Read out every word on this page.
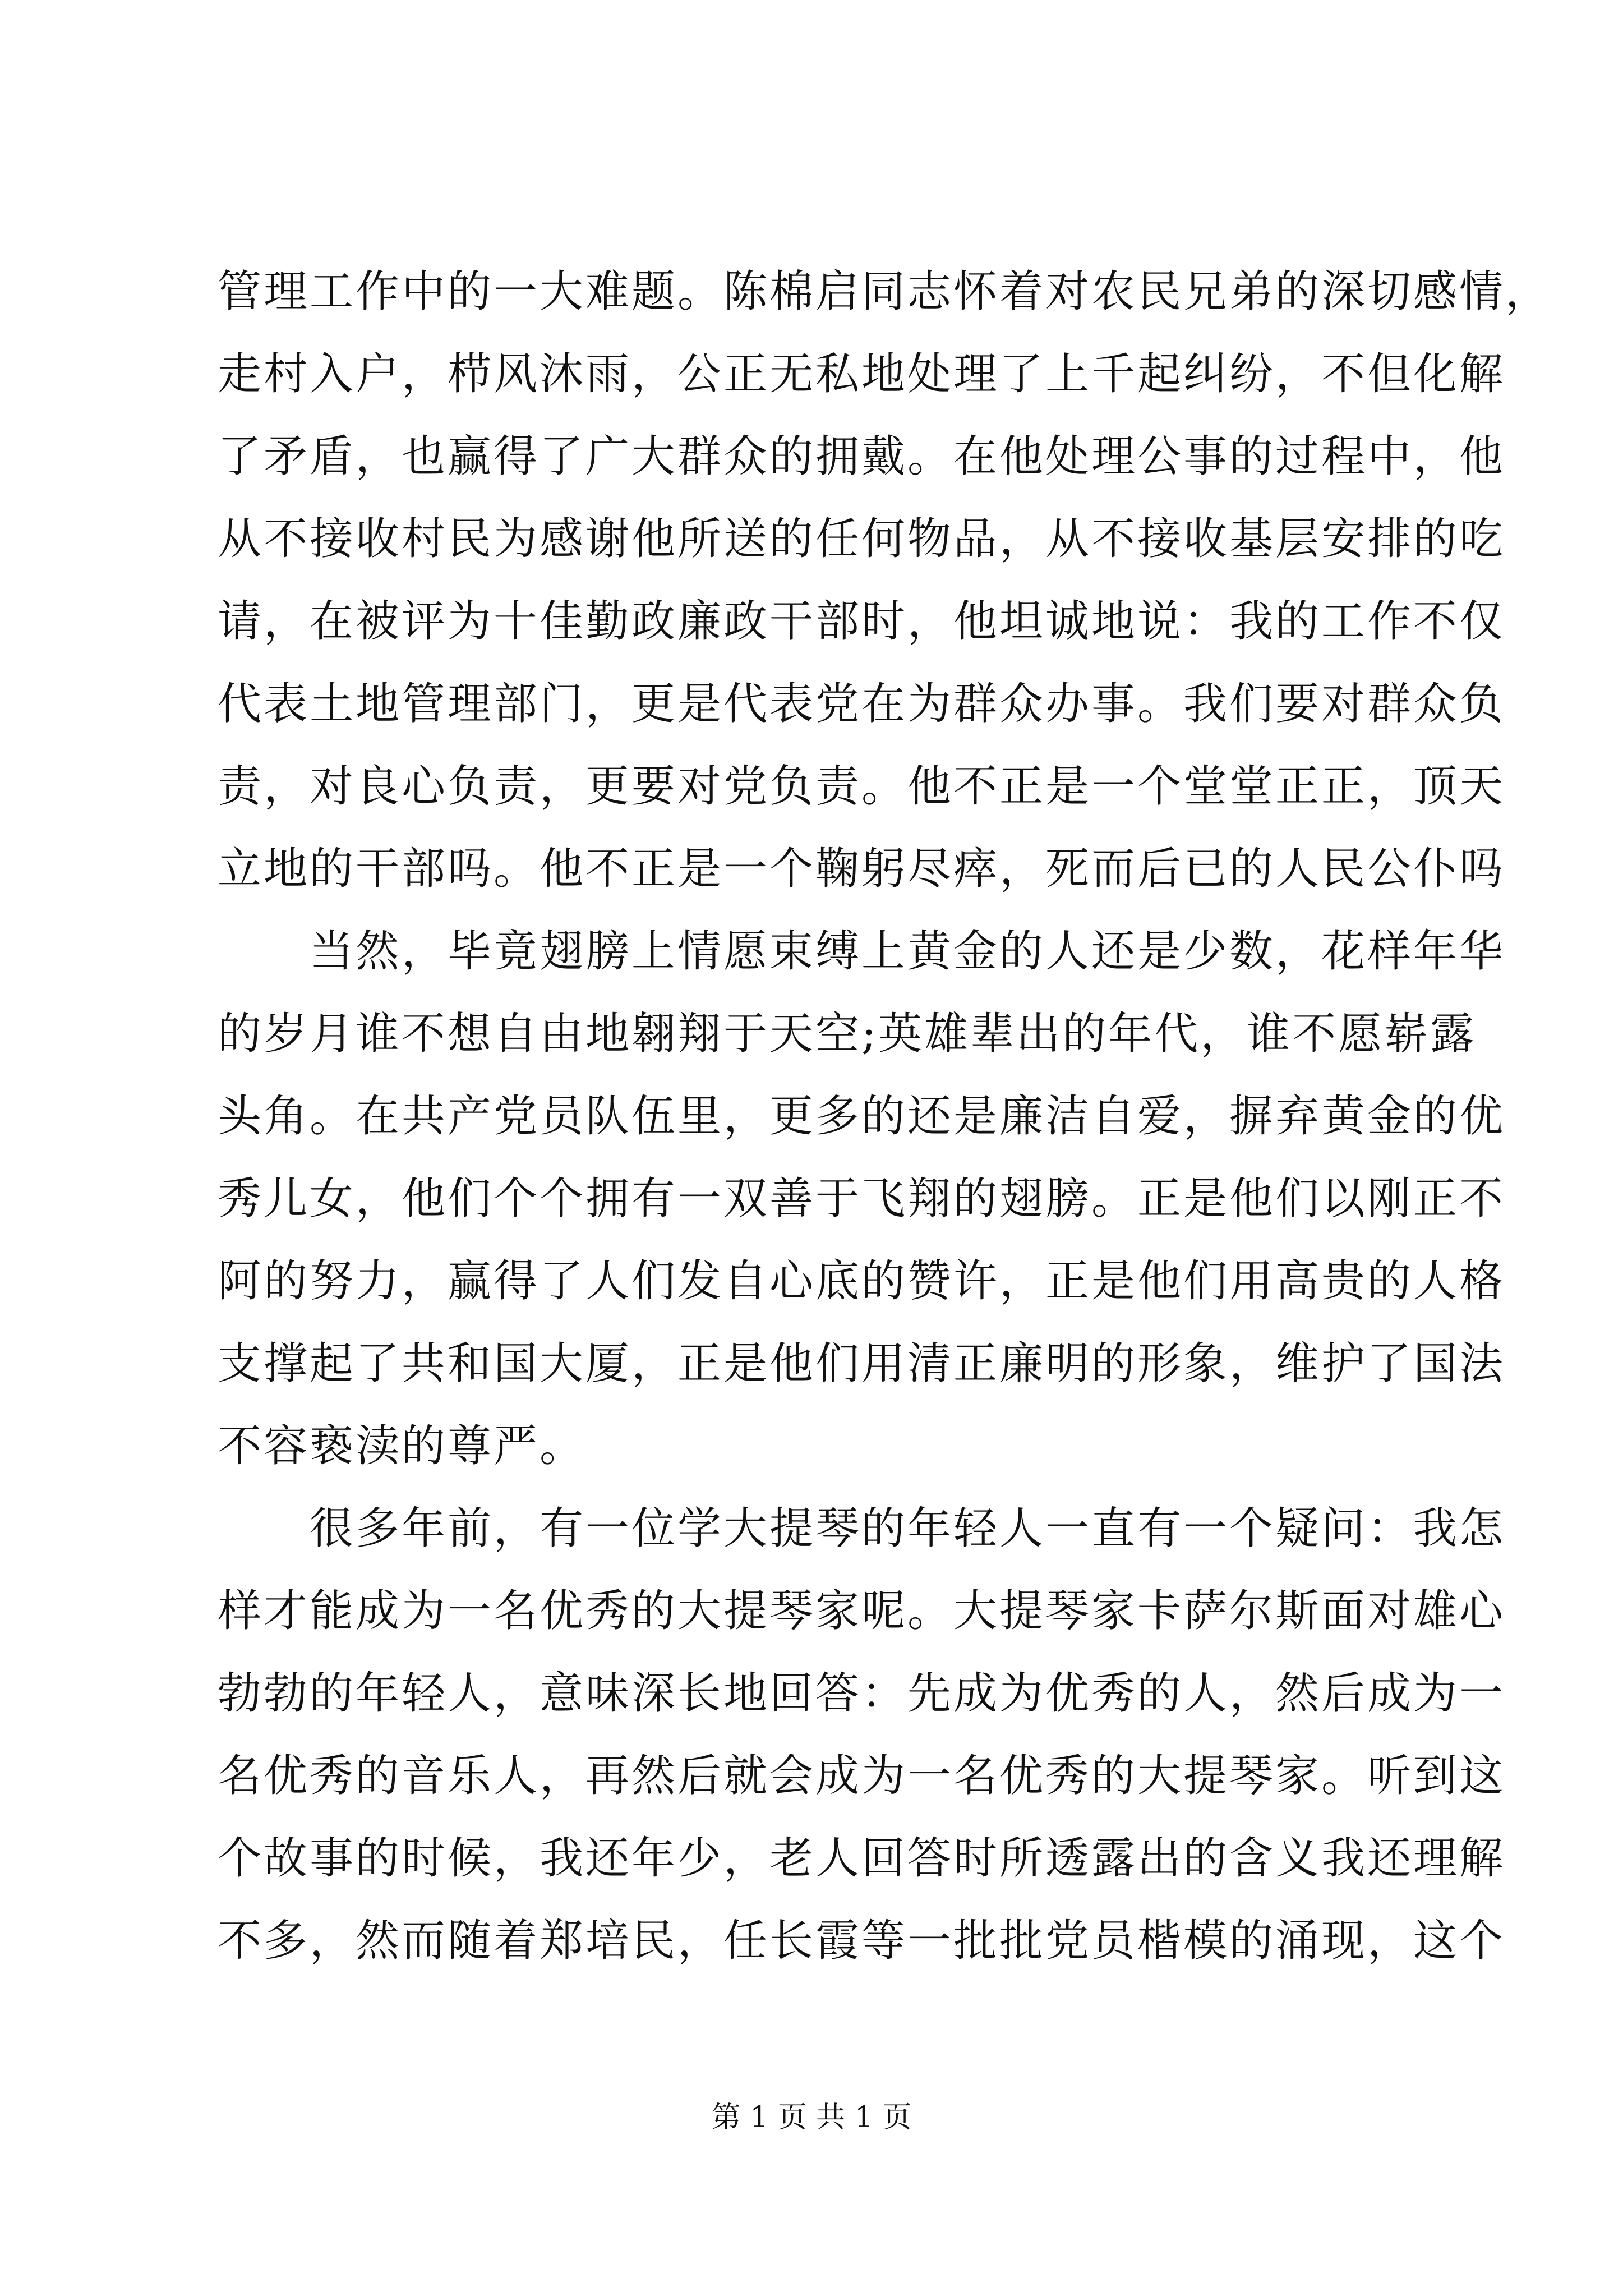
管理工作中的一大难题。陈棉启同志怀着对农民兄弟的深切感情，
走村入户，栉风沐雨，公正无私地处理了上千起纠纷，不但化解
了矛盾，也赢得了广大群众的拥戴。在他处理公事的过程中，他
从不接收村民为感谢他所送的任何物品，从不接收基层安排的吃
请，在被评为十佳勤政廉政干部时，他坦诚地说：我的工作不仅
代表土地管理部门，更是代表党在为群众办事。我们要对群众负
责，对良心负责，更要对党负责。他不正是一个堂堂正正，顶天
立地的干部吗。他不正是一个鞠躬尽瘁，死而后已的人民公仆吗
　　当然，毕竟翅膀上情愿束缚上黄金的人还是少数，花样年华
的岁月谁不想自由地翱翔于天空;英雄辈出的年代，谁不愿崭露
头角。在共产党员队伍里，更多的还是廉洁自爱，摒弃黄金的优
秀儿女，他们个个拥有一双善于飞翔的翅膀。正是他们以刚正不
阿的努力，赢得了人们发自心底的赞许，正是他们用高贵的人格
支撑起了共和国大厦，正是他们用清正廉明的形象，维护了国法
不容亵渎的尊严。
　　很多年前，有一位学大提琴的年轻人一直有一个疑问：我怎
样才能成为一名优秀的大提琴家呢。大提琴家卡萨尔斯面对雄心
勃勃的年轻人，意味深长地回答：先成为优秀的人，然后成为一
名优秀的音乐人，再然后就会成为一名优秀的大提琴家。听到这
个故事的时候，我还年少，老人回答时所透露出的含义我还理解
不多，然而随着郑培民，任长霞等一批批党员楷模的涌现，这个
第 1 页 共 1 页
